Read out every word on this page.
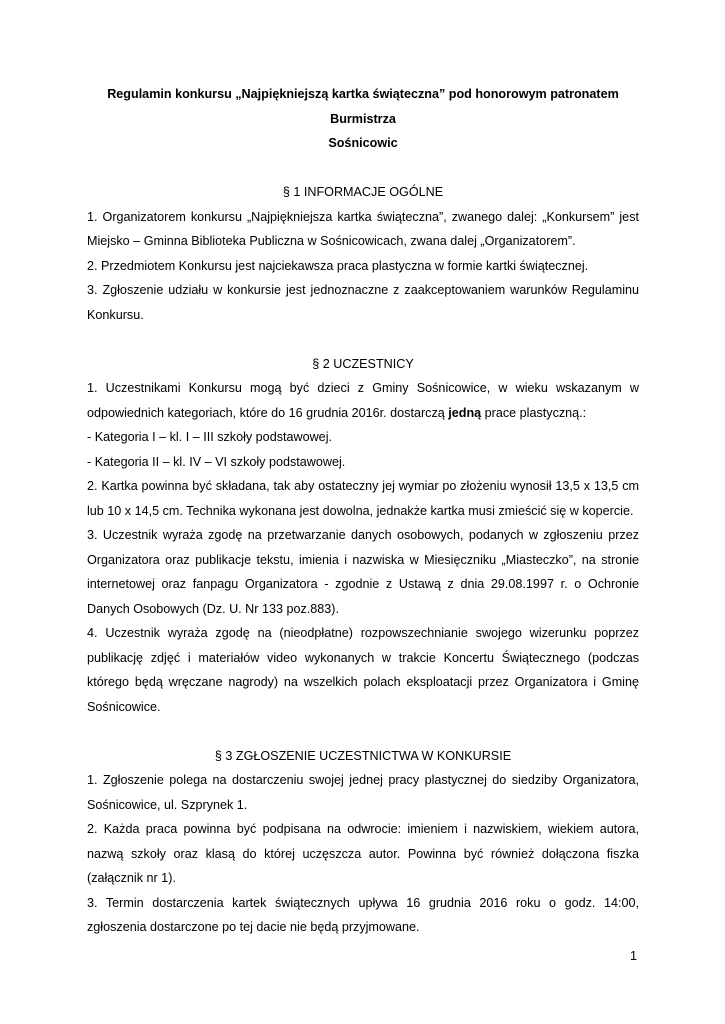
Regulamin konkursu „Najpiękniejszą kartka świąteczna” pod honorowym patronatem Burmistrza
Sośnicowic

§ 1 INFORMACJE OGÓLNE

1. Organizatorem konkursu „Najpiękniejsza kartka świąteczna”, zwanego dalej: „Konkursem” jest Miejsko – Gminna Biblioteka Publiczna w Sośnicowicach, zwana dalej „Organizatorem”.

2. Przedmiotem Konkursu jest najciekawsza praca plastyczna w formie kartki świątecznej.

3. Zgłoszenie udziału w konkursie jest jednoznaczne z zaakceptowaniem warunków Regulaminu Konkursu.

§ 2 UCZESTNICY

1. Uczestnikami Konkursu mogą być dzieci z Gminy Sośnicowice, w wieku wskazanym w odpowiednich kategoriach, które do 16 grudnia 2016r. dostarczą jedną prace plastyczną.:

- Kategoria I – kl. I – III szkoły podstawowej.

- Kategoria II – kl. IV – VI szkoły podstawowej.

2. Kartka powinna być składana, tak aby ostateczny jej wymiar po złożeniu wynosił 13,5 x 13,5 cm lub 10 x 14,5 cm. Technika wykonana jest dowolna, jednakże kartka musi zmieścić się w kopercie.

3. Uczestnik wyraża zgodę na przetwarzanie danych osobowych, podanych w zgłoszeniu przez Organizatora oraz publikacje tekstu, imienia i nazwiska w Miesięczniku „Miasteczko”, na stronie internetowej oraz fanpagu Organizatora - zgodnie z Ustawą z dnia 29.08.1997 r. o Ochronie Danych Osobowych (Dz. U. Nr 133 poz.883).

4. Uczestnik wyraża zgodę na (nieodpłatne) rozpowszechnianie swojego wizerunku poprzez publikację zdjęć i materiałów video wykonanych w trakcie Koncertu Świątecznego (podczas którego będą wręczane nagrody) na wszelkich polach eksploatacji przez Organizatora i Gminę Sośnicowice.

§ 3 ZGŁOSZENIE UCZESTNICTWA W KONKURSIE

1. Zgłoszenie polega na dostarczeniu swojej jednej pracy plastycznej do siedziby Organizatora, Sośnicowice, ul. Szprynek 1.

2. Każda praca powinna być podpisana na odwrocie: imieniem i nazwiskiem, wiekiem autora, nazwą szkoły oraz klasą do której uczęszcza autor. Powinna być również dołączona fiszka (załącznik nr 1).

3. Termin dostarczenia kartek świątecznych upływa 16 grudnia 2016 roku o godz. 14:00, zgłoszenia dostarczone po tej dacie nie będą przyjmowane.

1
